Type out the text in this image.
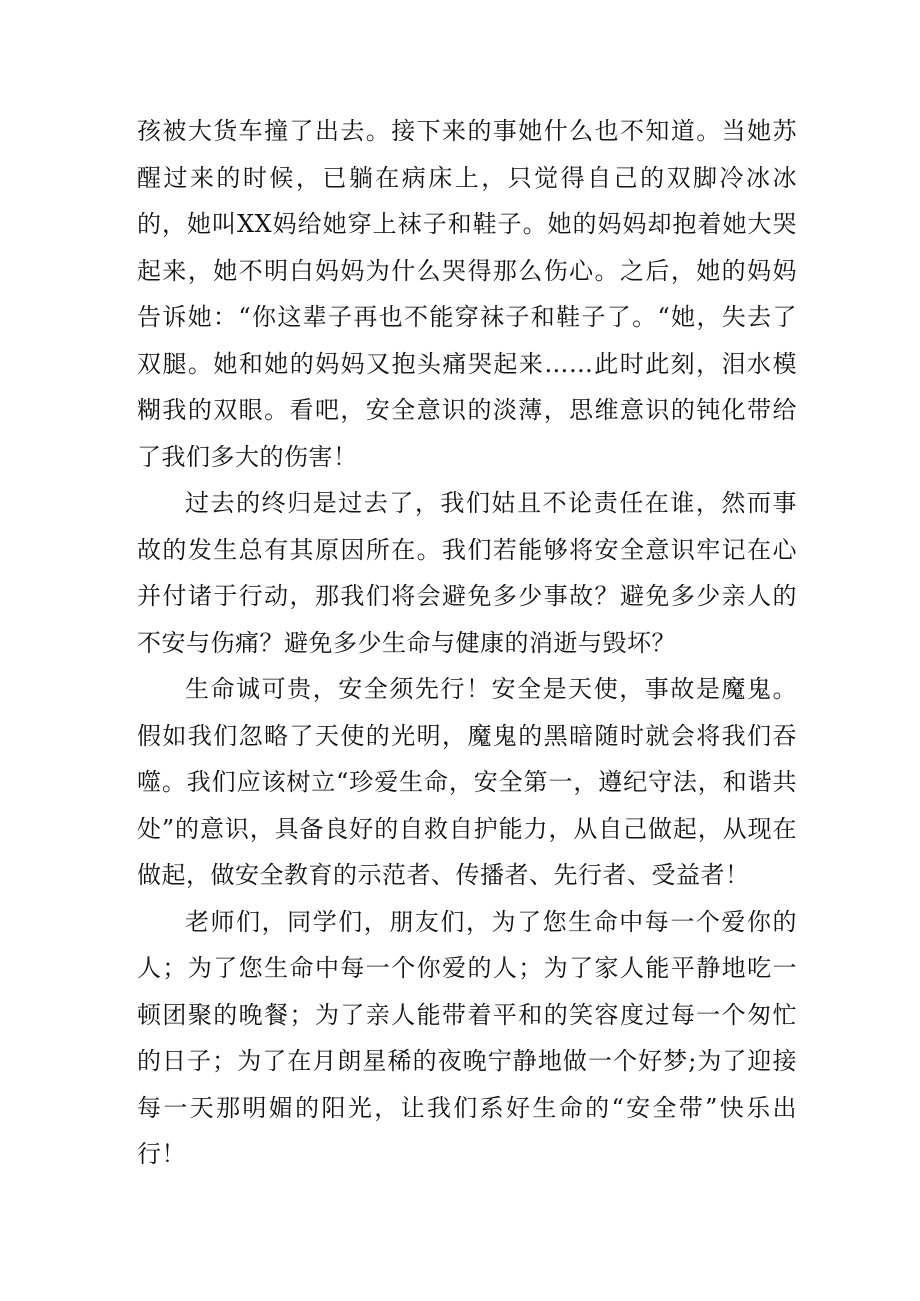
孩被大货车撞了出去。接下来的事她什么也不知道。当她苏醒过来的时候，已躺在病床上，只觉得自己的双脚冷冰冰的，她叫XX妈给她穿上袜子和鞋子。她的妈妈却抱着她大哭起来，她不明白妈妈为什么哭得那么伤心。之后，她的妈妈告诉她：“你这辈子再也不能穿袜子和鞋子了。“她，失去了双腿。她和她的妈妈又抱头痛哭起来……此时此刻，泪水模糊我的双眼。看吧，安全意识的淡薄，思维意识的钝化带给了我们多大的伤害！

过去的终归是过去了，我们姑且不论责任在谁，然而事故的发生总有其原因所在。我们若能够将安全意识牢记在心并付诸于行动，那我们将会避免多少事故？避免多少亲人的不安与伤痛？避免多少生命与健康的消逝与毁坏？

生命诚可贵，安全须先行！安全是天使，事故是魔鬼。假如我们忽略了天使的光明，魔鬼的黑暗随时就会将我们吞噬。我们应该树立“珍爱生命，安全第一，遵纪守法，和谐共处”的意识，具备良好的自救自护能力，从自己做起，从现在做起，做安全教育的示范者、传播者、先行者、受益者！

老师们，同学们，朋友们，为了您生命中每一个爱你的人；为了您生命中每一个你爱的人；为了家人能平静地吃一顿团聚的晚餐；为了亲人能带着平和的笑容度过每一个匆忙的日子；为了在月朗星稀的夜晚宁静地做一个好梦;为了迎接每一天那明媚的阳光，让我们系好生命的“安全带”快乐出行！
